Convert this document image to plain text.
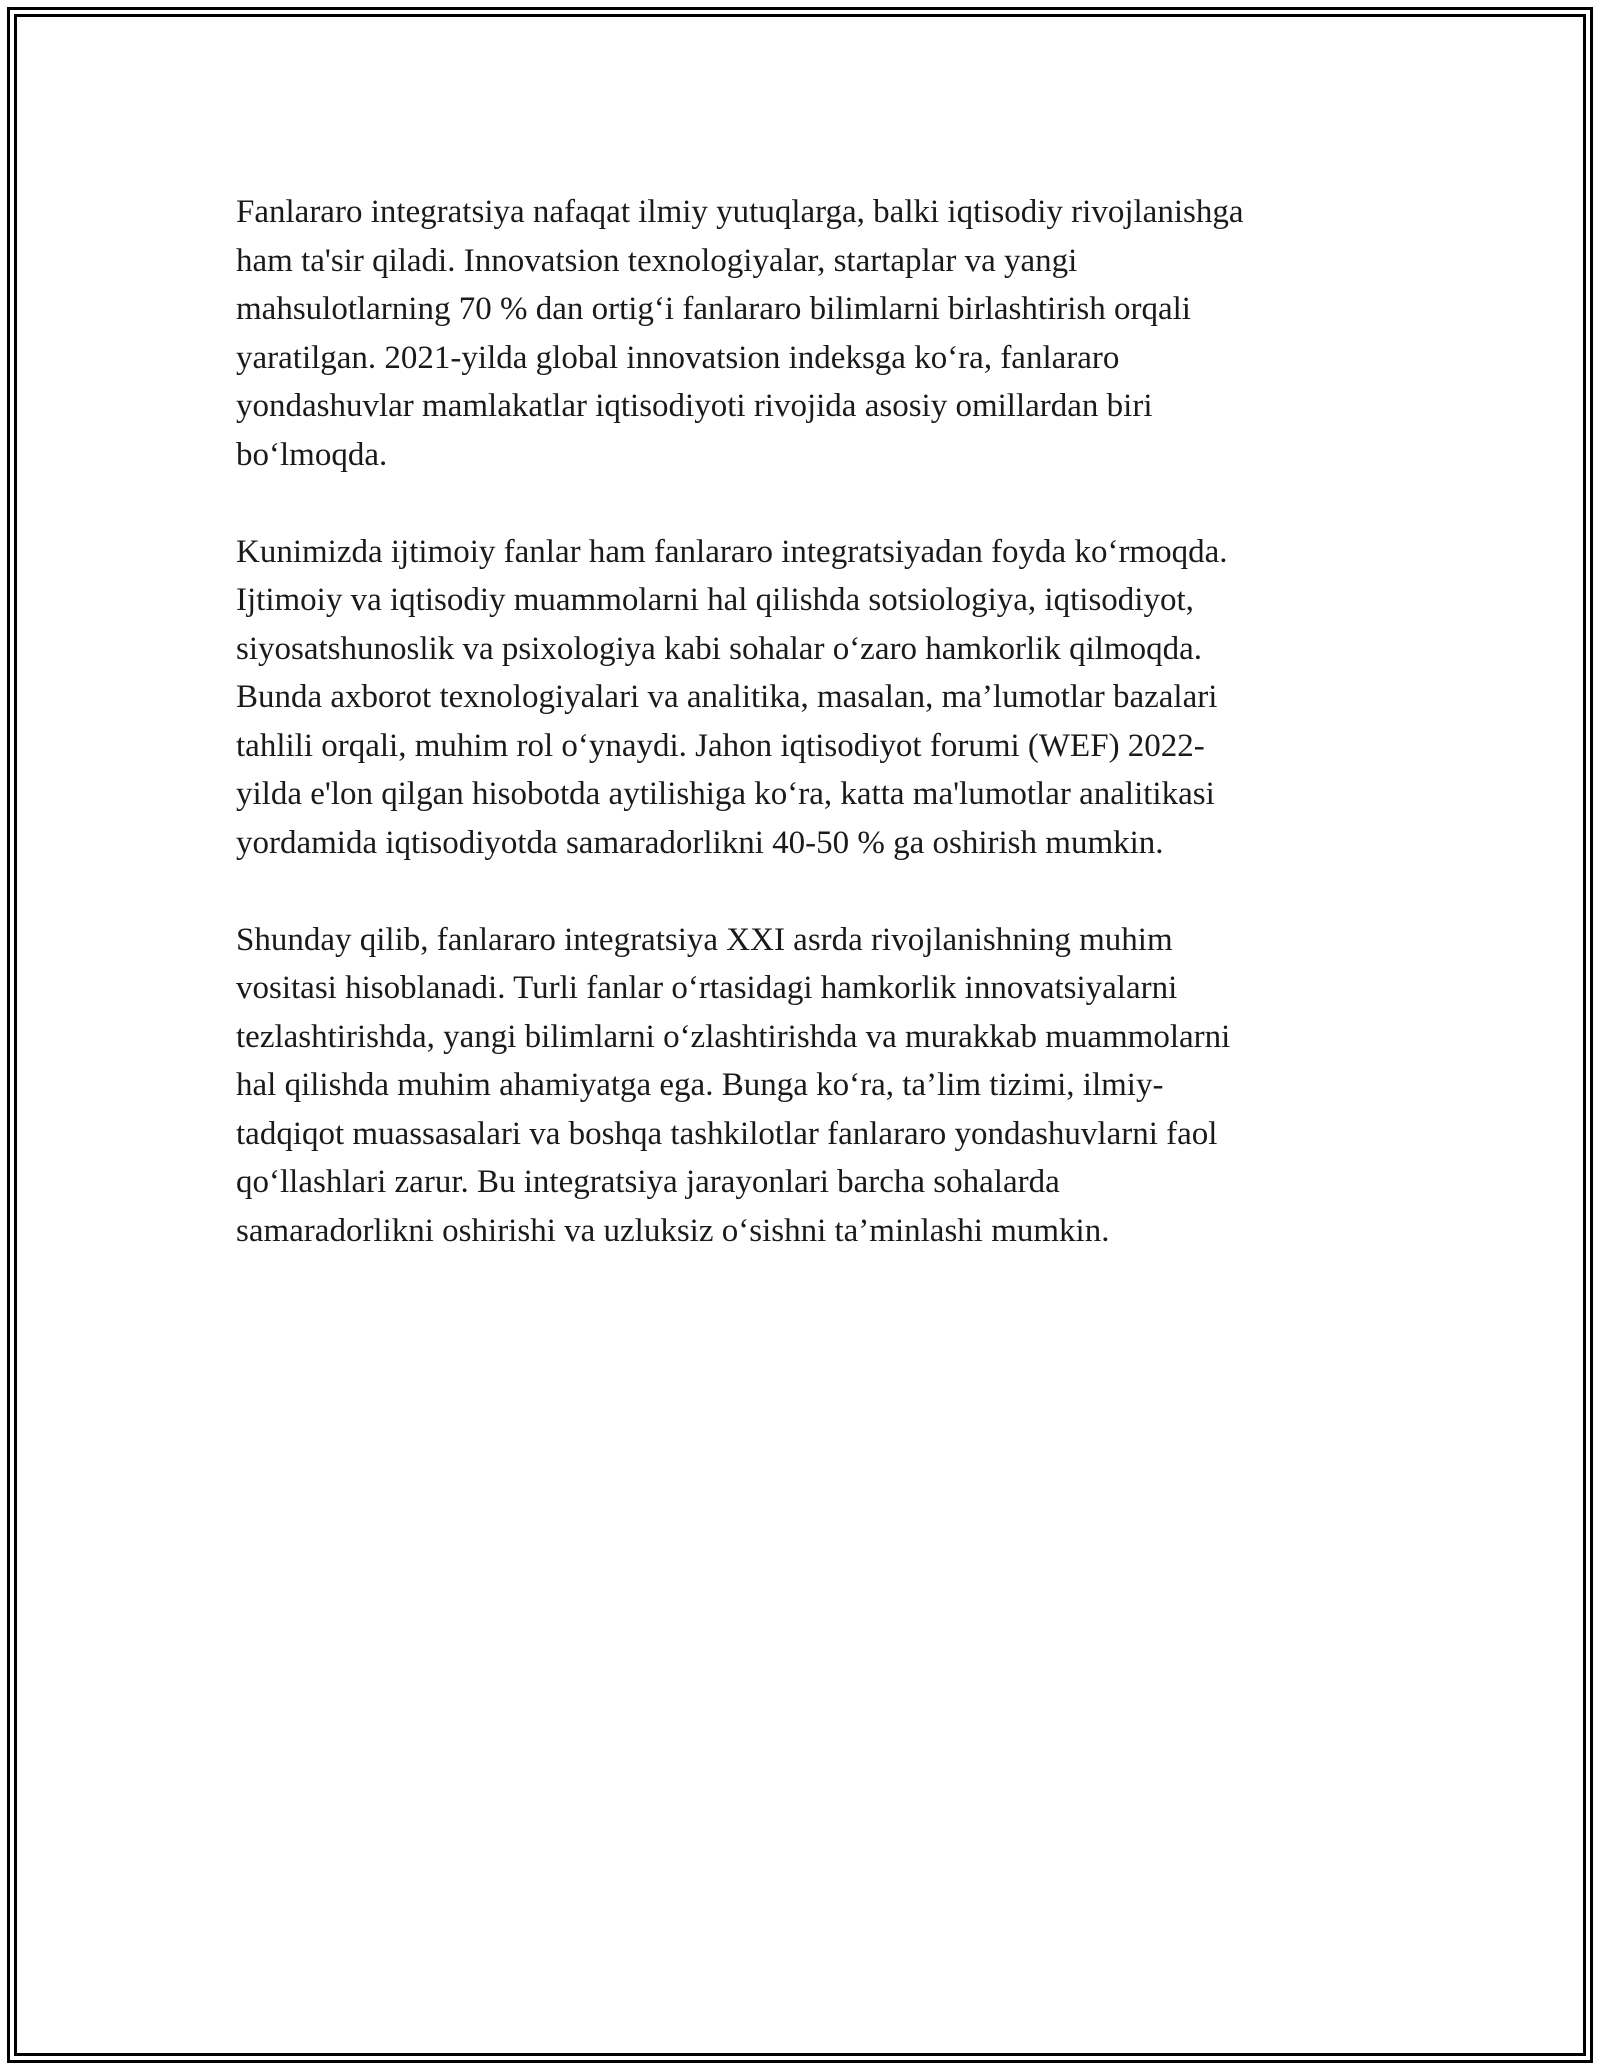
Fanlararo integratsiya nafaqat ilmiy yutuqlarga, balki iqtisodiy rivojlanishga
ham ta'sir qiladi. Innovatsion texnologiyalar, startaplar va yangi
mahsulotlarning 70 % dan ortig‘i fanlararo bilimlarni birlashtirish orqali
yaratilgan. 2021-yilda global innovatsion indeksga ko‘ra, fanlararo
yondashuvlar mamlakatlar iqtisodiyoti rivojida asosiy omillardan biri
bo‘lmoqda.

Kunimizda ijtimoiy fanlar ham fanlararo integratsiyadan foyda ko‘rmoqda.
Ijtimoiy va iqtisodiy muammolarni hal qilishda sotsiologiya, iqtisodiyot,
siyosatshunoslik va psixologiya kabi sohalar o‘zaro hamkorlik qilmoqda.
Bunda axborot texnologiyalari va analitika, masalan, ma’lumotlar bazalari
tahlili orqali, muhim rol o‘ynaydi. Jahon iqtisodiyot forumi (WEF) 2022-
yilda e'lon qilgan hisobotda aytilishiga ko‘ra, katta ma'lumotlar analitikasi
yordamida iqtisodiyotda samaradorlikni 40-50 % ga oshirish mumkin.

Shunday qilib, fanlararo integratsiya XXI asrda rivojlanishning muhim
vositasi hisoblanadi. Turli fanlar o‘rtasidagi hamkorlik innovatsiyalarni
tezlashtirishda, yangi bilimlarni o‘zlashtirishda va murakkab muammolarni
hal qilishda muhim ahamiyatga ega. Bunga ko‘ra, ta’lim tizimi, ilmiy-
tadqiqot muassasalari va boshqa tashkilotlar fanlararo yondashuvlarni faol
qo‘llashlari zarur. Bu integratsiya jarayonlari barcha sohalarda
samaradorlikni oshirishi va uzluksiz o‘sishni ta’minlashi mumkin.
